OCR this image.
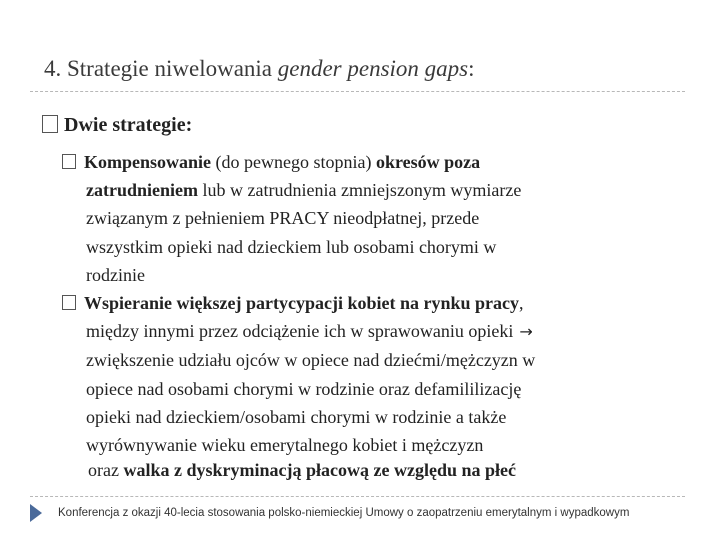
4. Strategie niwelowania gender pension gaps:
Dwie strategie:
Kompensowanie (do pewnego stopnia) okresów poza
zatrudnieniem lub w zatrudnienia zmniejszonym wymiarze
związanym z pełnieniem PRACY nieodpłatnej, przede
wszystkim opieki nad dzieckiem lub osobami chorymi w
rodzinie
Wspieranie większej partycypacji kobiet na rynku pracy,
między innymi przez odciążenie ich w sprawowaniu opieki →
zwiększenie udziału ojców w opiece nad dziećmi/mężczyzn w
opiece nad osobami chorymi w rodzinie oraz defamililizację
opieki nad dzieckiem/osobami chorymi w rodzinie a także
wyrównywanie wieku emerytalnego kobiet i mężczyzn
oraz walka z dyskryminacją płacową ze względu na płeć
Konferencja z okazji 40-lecia stosowania polsko-niemieckiej Umowy o zaopatrzeniu emerytalnym i wypadkowym
